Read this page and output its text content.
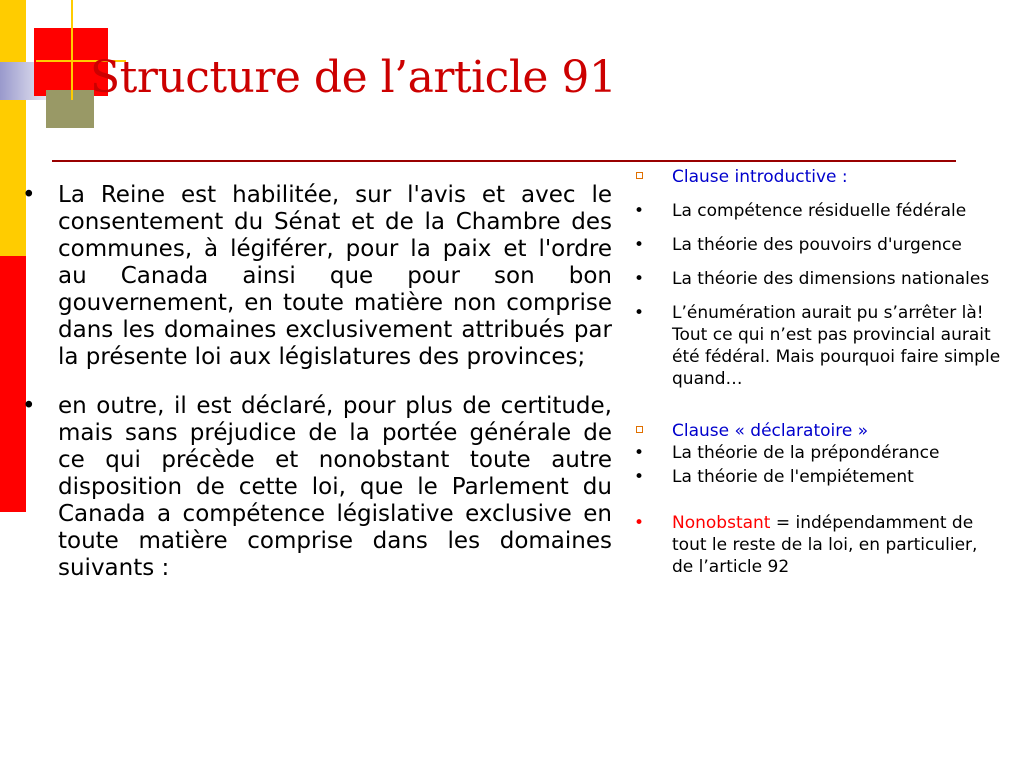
Structure de l’article 91
• La Reine est habilitée, sur l'avis et avec le consentement du Sénat et de la Chambre des communes, à légiférer, pour la paix et l'ordre au Canada ainsi que pour son bon gouvernement, en toute matière non comprise dans les domaines exclusivement attribués par la présente loi aux législatures des provinces;
• en outre, il est déclaré, pour plus de certitude, mais sans préjudice de la portée générale de ce qui précède et nonobstant toute autre disposition de cette loi, que le Parlement du Canada a compétence législative exclusive en toute matière comprise dans les domaines suivants :
Clause introductive :
• La compétence résiduelle fédérale
• La théorie des pouvoirs d'urgence
• La théorie des dimensions nationales
• L’énumération aurait pu s’arrêter là! Tout ce qui n’est pas provincial aurait été fédéral. Mais pourquoi faire simple quand…
Clause « déclaratoire »
• La théorie de la prépondérance
• La théorie de l'empiétement
• Nonobstant = indépendamment de tout le reste de la loi, en particulier, de l’article 92
